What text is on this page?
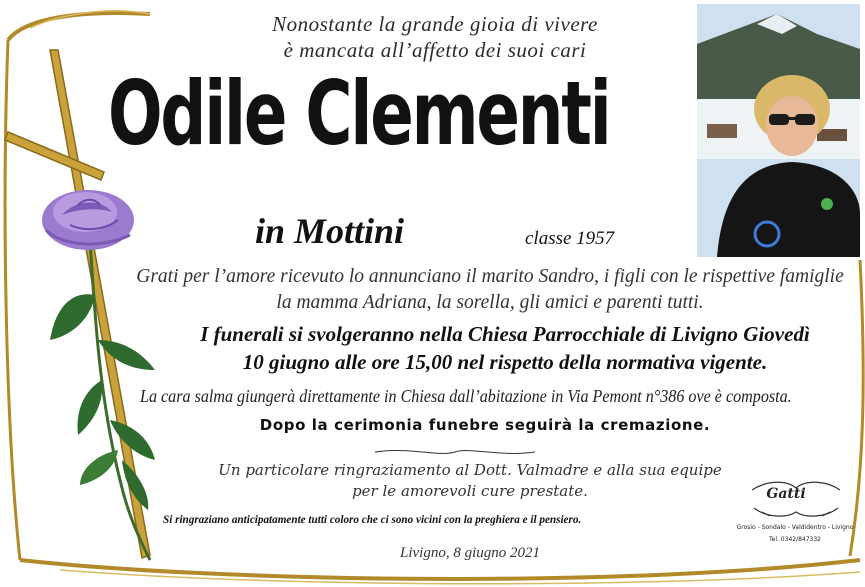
Nonostante la grande gioia di vivere
è mancata all’affetto dei suoi cari
Odile Clementi
in Mottini	classe 1957
Grati per l’amore ricevuto lo annunciano il marito Sandro, i figli con le rispettive famiglie
la mamma Adriana, la sorella, gli amici e parenti tutti.
I funerali si svolgeranno nella Chiesa Parrocchiale di Livigno Giovedì
10 giugno alle ore 15,00 nel rispetto della normativa vigente.
La cara salma giungerà direttamente in Chiesa dall’abitazione in Via Pemont n°386 ove è composta.
Dopo la cerimonia funebre seguirà la cremazione.
Un particolare ringraziamento al Dott. Valmadre e alla sua equipe
per le amorevoli cure prestate.
Si ringraziano anticipatamente tutti coloro che ci sono vicini con la preghiera e il pensiero.
Livigno, 8 giugno 2021
Gatti
Grosio - Sondalo - Valdidentro - Livigno
Tel. 0342/847332
